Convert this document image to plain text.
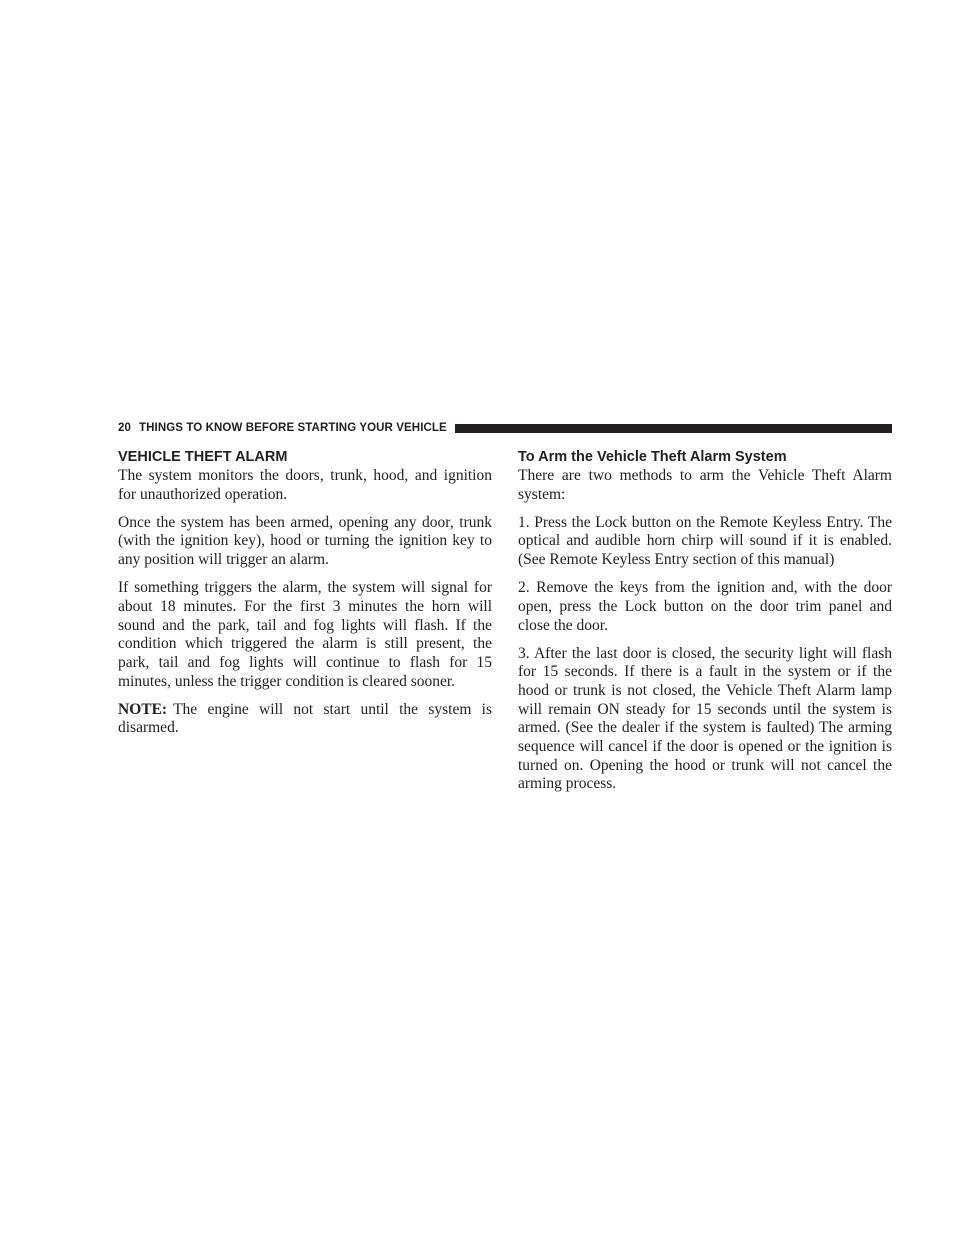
20 THINGS TO KNOW BEFORE STARTING YOUR VEHICLE
VEHICLE THEFT ALARM

The system monitors the doors, trunk, hood, and ignition for unauthorized operation.

Once the system has been armed, opening any door, trunk (with the ignition key), hood or turning the ignition key to any position will trigger an alarm.

If something triggers the alarm, the system will signal for about 18 minutes. For the first 3 minutes the horn will sound and the park, tail and fog lights will flash. If the condition which triggered the alarm is still present, the park, tail and fog lights will continue to flash for 15 minutes, unless the trigger condition is cleared sooner.

NOTE: The engine will not start until the system is disarmed.

To Arm the Vehicle Theft Alarm System

There are two methods to arm the Vehicle Theft Alarm system:

1. Press the Lock button on the Remote Keyless Entry. The optical and audible horn chirp will sound if it is enabled. (See Remote Keyless Entry section of this manual)

2. Remove the keys from the ignition and, with the door open, press the Lock button on the door trim panel and close the door.

3. After the last door is closed, the security light will flash for 15 seconds. If there is a fault in the system or if the hood or trunk is not closed, the Vehicle Theft Alarm lamp will remain ON steady for 15 seconds until the system is armed. (See the dealer if the system is faulted) The arming sequence will cancel if the door is opened or the ignition is turned on. Opening the hood or trunk will not cancel the arming process.
